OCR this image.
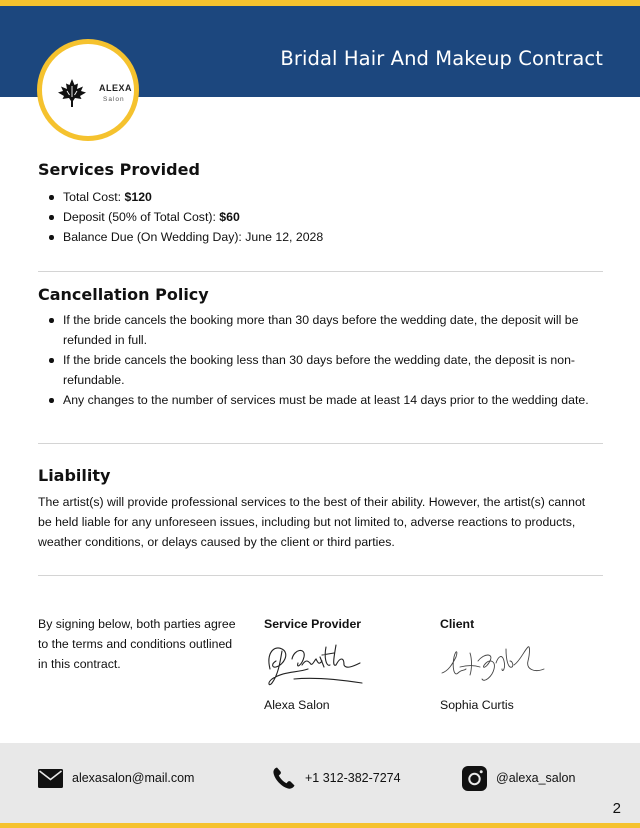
Bridal Hair And Makeup Contract
ALEXA
Salon
Services Provided
Total Cost: $120
Deposit (50% of Total Cost): $60
Balance Due (On Wedding Day): June 12, 2028
Cancellation Policy
If the bride cancels the booking more than 30 days before the wedding date, the deposit will be refunded in full.
If the bride cancels the booking less than 30 days before the wedding date, the deposit is non-refundable.
Any changes to the number of services must be made at least 14 days prior to the wedding date.
Liability

The artist(s) will provide professional services to the best of their ability. However, the artist(s) cannot be held liable for any unforeseen issues, including but not limited to, adverse reactions to products, weather conditions, or delays caused by the client or third parties.

By signing below, both parties agree to the terms and conditions outlined in this contract.
Service Provider
Alexa Salon
Client
Sophia Curtis
alexasalon@mail.com	+1 312-382-7274	@alexa_salon
2
